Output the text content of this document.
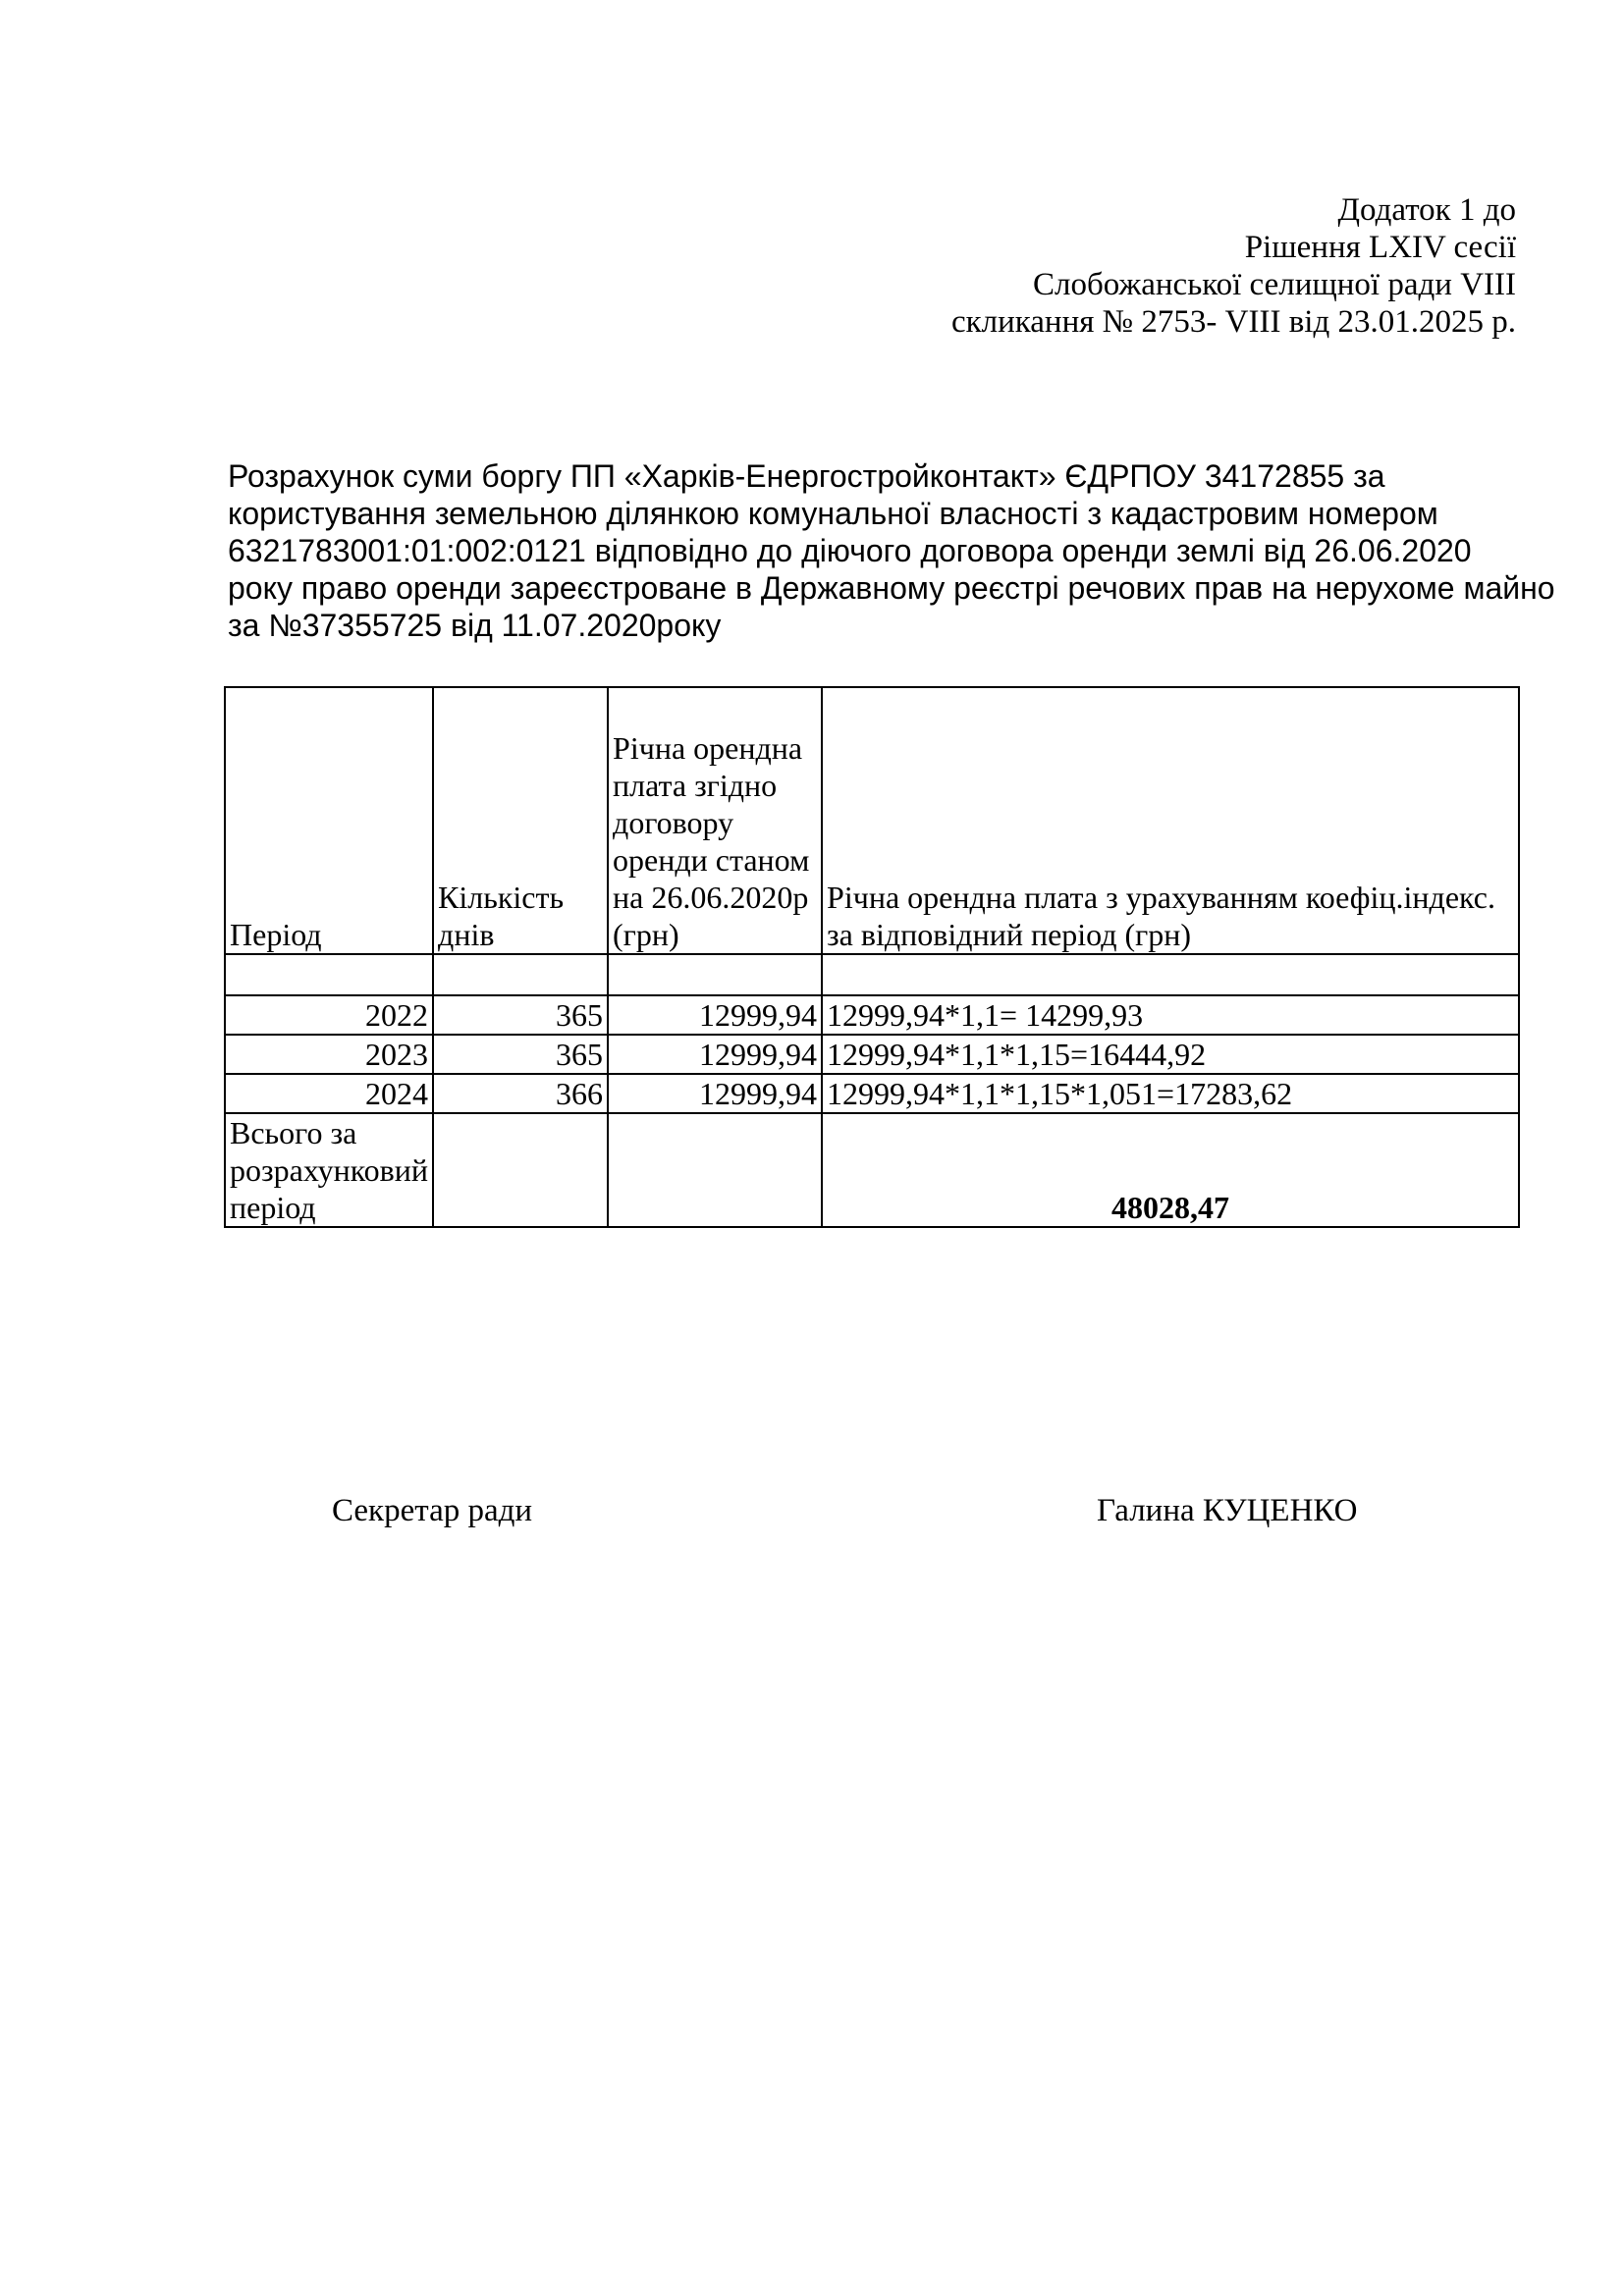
Додаток 1 до
Рішення LXIV сесії
Слобожанської селищної ради VIII
скликання № 2753- VIII від 23.01.2025 р.
Розрахунок суми боргу ПП «Харків-Енергостройконтакт» ЄДРПОУ 34172855 за
користування земельною ділянкою комунальної власності з кадастровим номером
6321783001:01:002:0121 відповідно до діючого договора оренди землі від 26.06.2020
року право оренди зареєстроване в Державному реєстрі речових прав на нерухоме майно
за №37355725 від 11.07.2020року
Період	Кількість днів	Річна орендна плата згідно договору оренди станом на 26.06.2020р (грн)	Річна орендна плата з урахуванням коефіц.індекс. за відповідний період (грн)

2022	365	12999,94	12999,94*1,1= 14299,93
2023	365	12999,94	12999,94*1,1*1,15=16444,92
2024	366	12999,94	12999,94*1,1*1,15*1,051=17283,62
Всього за розрахунковий період			48028,47
Секретар ради	Галина КУЦЕНКО
